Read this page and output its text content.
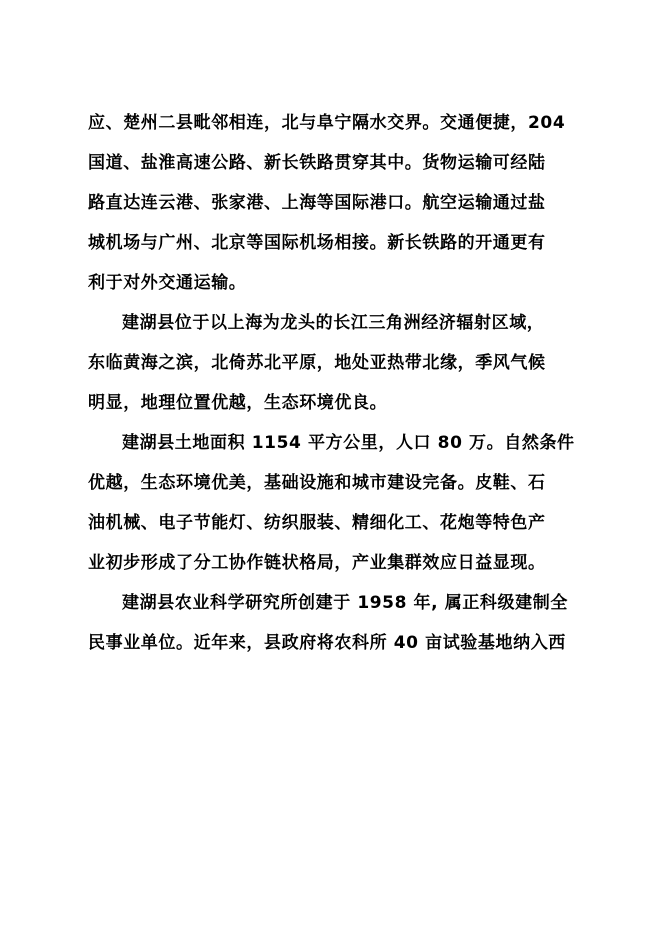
应、楚州二县毗邻相连，北与阜宁隔水交界。交通便捷，204
国道、盐淮高速公路、新长铁路贯穿其中。货物运输可经陆
路直达连云港、张家港、上海等国际港口。航空运输通过盐
城机场与广州、北京等国际机场相接。新长铁路的开通更有
利于对外交通运输。
建湖县位于以上海为龙头的长江三角洲经济辐射区域，
东临黄海之滨，北倚苏北平原，地处亚热带北缘，季风气候
明显，地理位置优越，生态环境优良。
建湖县土地面积 1154 平方公里，人口 80 万。自然条件
优越，生态环境优美，基础设施和城市建设完备。皮鞋、石
油机械、电子节能灯、纺织服装、精细化工、花炮等特色产
业初步形成了分工协作链状格局，产业集群效应日益显现。
建湖县农业科学研究所创建于 1958 年, 属正科级建制全
民事业单位。近年来，县政府将农科所 40 亩试验基地纳入西
